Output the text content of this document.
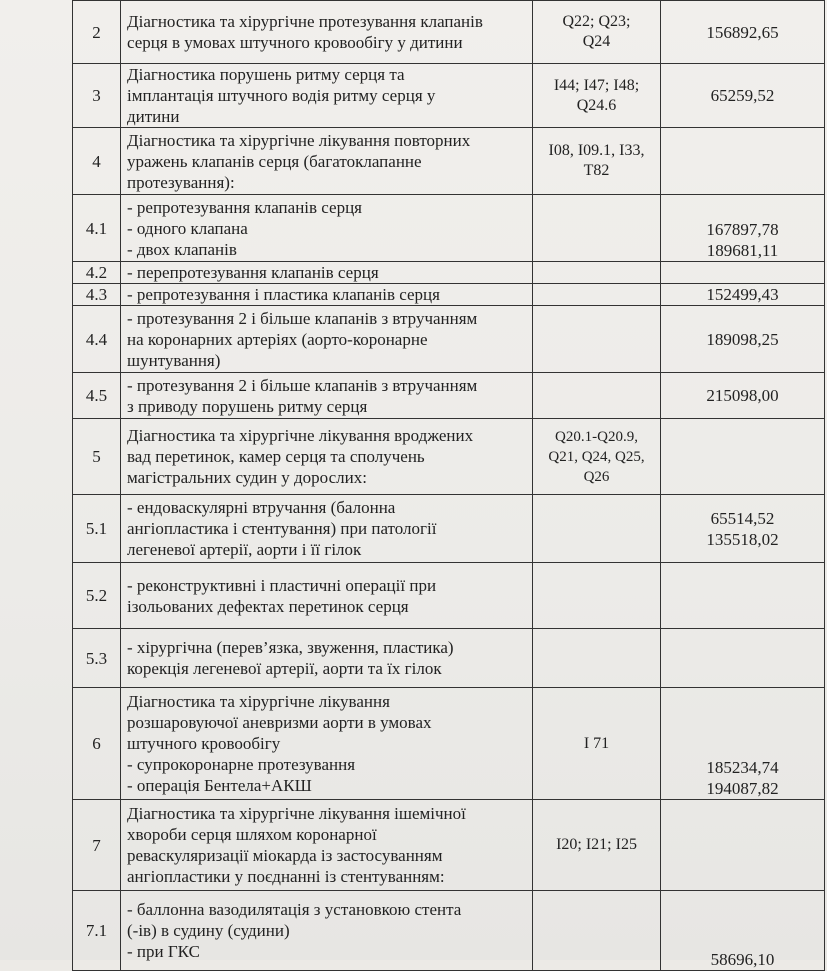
2	Діагностика та хірургічне протезування клапанів
серця в умовах штучного кровообігу у дитини	Q22; Q23;
Q24	156892,65

3	Діагностика порушень ритму серця та
імплантація штучного водія ритму серця у
дитини	I44; I47; I48;
Q24.6	65259,52

4	Діагностика та хірургічне лікування повторних
уражень клапанів серця (багатоклапанне
протезування):	I08, I09.1, I33,
T82	

4.1	- репротезування клапанів серця
- одного клапана
- двох клапанів		167897,78
189681,11

4.2	- перепротезування клапанів серця		

4.3	- репротезування і пластика клапанів серця		152499,43

4.4	- протезування 2 і більше клапанів з втручанням
на коронарних артеріях (аорто-коронарне
шунтування)		189098,25

4.5	- протезування 2 і більше клапанів з втручанням
з приводу порушень ритму серця		215098,00

5	Діагностика та хірургічне лікування вроджених
вад перетинок, камер серця та сполучень
магістральних судин у дорослих:	Q20.1-Q20.9,
Q21, Q24, Q25,
Q26	

5.1	- ендоваскулярні втручання (балонна
ангіопластика і стентування) при патології
легеневої артерії, аорти і її гілок		65514,52
135518,02

5.2	- реконструктивні і пластичні операції при
ізольованих дефектах перетинок серця		

5.3	- хірургічна (перев’язка, звуження, пластика)
корекція легеневої артерії, аорти та їх гілок		

6	Діагностика та хірургічне лікування
розшаровуючої аневризми аорти в умовах
штучного кровообігу
- супрокоронарне протезування
- операція Бентела+АКШ	I 71	185234,74
194087,82

7	Діагностика та хірургічне лікування ішемічної
хвороби серця шляхом коронарної
реваскуляризації міокарда із застосуванням
ангіопластики у поєднанні із стентуванням:	I20; I21; I25	

7.1	- баллонна вазодилятація з установкою стента
(-ів) в судину (судини)
- при ГКС		58696,10
